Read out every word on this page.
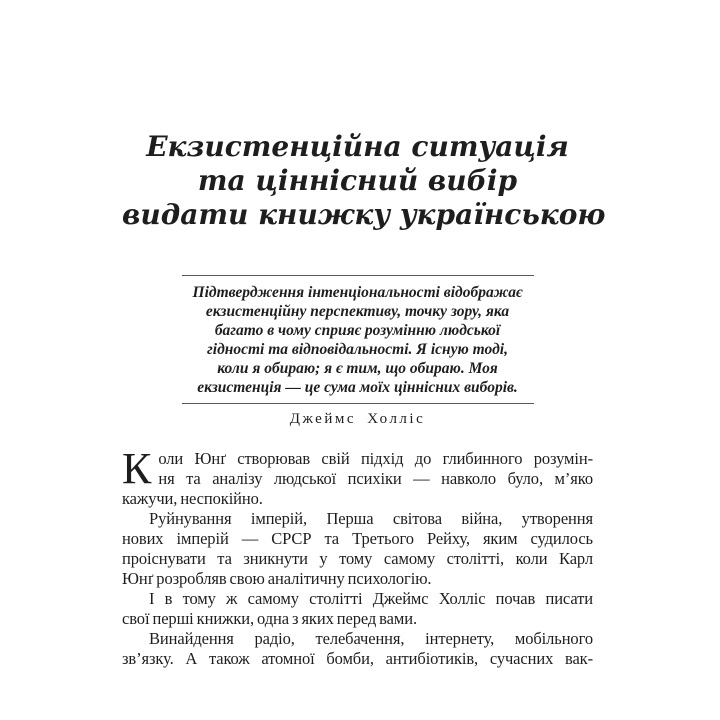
Екзистенційна ситуація
та ціннісний вибір
видати книжку українською
Підтвердження інтенціональності відображає
екзистенційну перспективу, точку зору, яка
багато в чому сприяє розумінню людської
гідності та відповідальності. Я існую тоді,
коли я обираю; я є тим, що обираю. Моя
екзистенція — це сума моїх ціннісних виборів.
Джеймс Холліс
К оли Юнґ створював свій підхід до глибинного розумін-
ня та аналізу людської психіки — навколо було, м’яко
кажучи, неспокійно.
Руйнування імперій, Перша світова війна, утворення
нових імперій — СРСР та Третього Рейху, яким судилось
проіснувати та зникнути у тому самому столітті, коли Карл
Юнґ розробляв свою аналітичну психологію.
І в тому ж самому столітті Джеймс Холліс почав писати
свої перші книжки, одна з яких перед вами.
Винайдення радіо, телебачення, інтернету, мобільного
зв’язку. А також атомної бомби, антибіотиків, сучасних вак-
